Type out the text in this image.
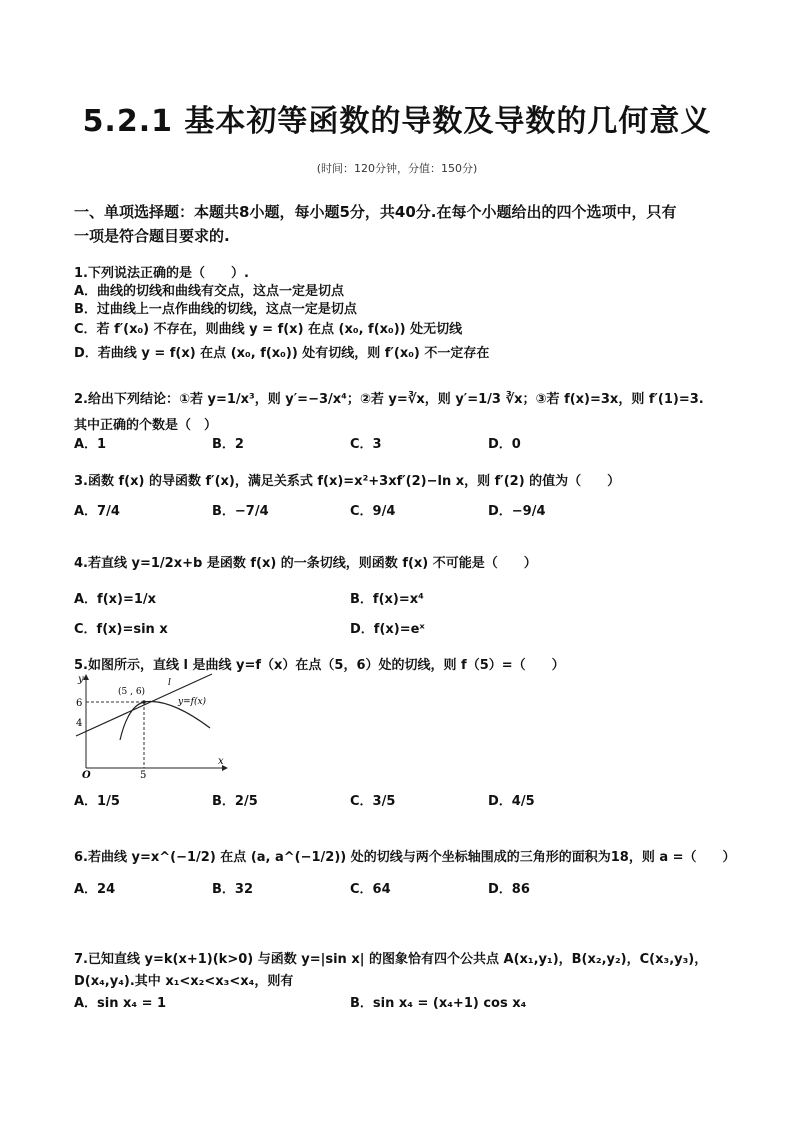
5.2.1 基本初等函数的导数及导数的几何意义
(时间：120分钟，分值：150分)
一、单项选择题：本题共8小题，每小题5分，共40分.在每个小题给出的四个选项中，只有
一项是符合题目要求的.
1.下列说法正确的是（　　）.
A．曲线的切线和曲线有交点，这点一定是切点
B．过曲线上一点作曲线的切线，这点一定是切点
C．若 f′(x₀) 不存在，则曲线 y = f(x) 在点 (x₀, f(x₀)) 处无切线
D．若曲线 y = f(x) 在点 (x₀, f(x₀)) 处有切线，则 f′(x₀) 不一定存在
2.给出下列结论：①若 y=1/x³，则 y′=−3/x⁴；②若 y=∛x，则 y′=1/3 ∛x；③若 f(x)=3x，则 f′(1)=3.
其中正确的个数是（　）
A．1	B．2	C．3	D．0
3.函数 f(x) 的导函数 f′(x)，满足关系式 f(x)=x²+3xf′(2)−ln x，则 f′(2) 的值为（　　）
A．7/4	B．−7/4	C．9/4	D．−9/4
4.若直线 y=1/2x+b 是函数 f(x) 的一条切线，则函数 f(x) 不可能是（　　）
A．f(x)=1/x	B．f(x)=x⁴
C．f(x)=sin x	D．f(x)=eˣ
5.如图所示，直线 l 是曲线 y=f（x）在点（5，6）处的切线，则 f（5）=（　　）
y
x
O
6
4
5
(5 , 6)
l
y=f(x)
A．1/5	B．2/5	C．3/5	D．4/5
6.若曲线 y=x^(−1/2) 在点 (a, a^(−1/2)) 处的切线与两个坐标轴围成的三角形的面积为18，则 a =（　　）
A．24	B．32	C．64	D．86
7.已知直线 y=k(x+1)(k>0) 与函数 y=|sin x| 的图象恰有四个公共点 A(x₁,y₁)，B(x₂,y₂)，C(x₃,y₃)，
D(x₄,y₄).其中 x₁<x₂<x₃<x₄，则有
A．sin x₄ = 1	B．sin x₄ = (x₄+1) cos x₄
